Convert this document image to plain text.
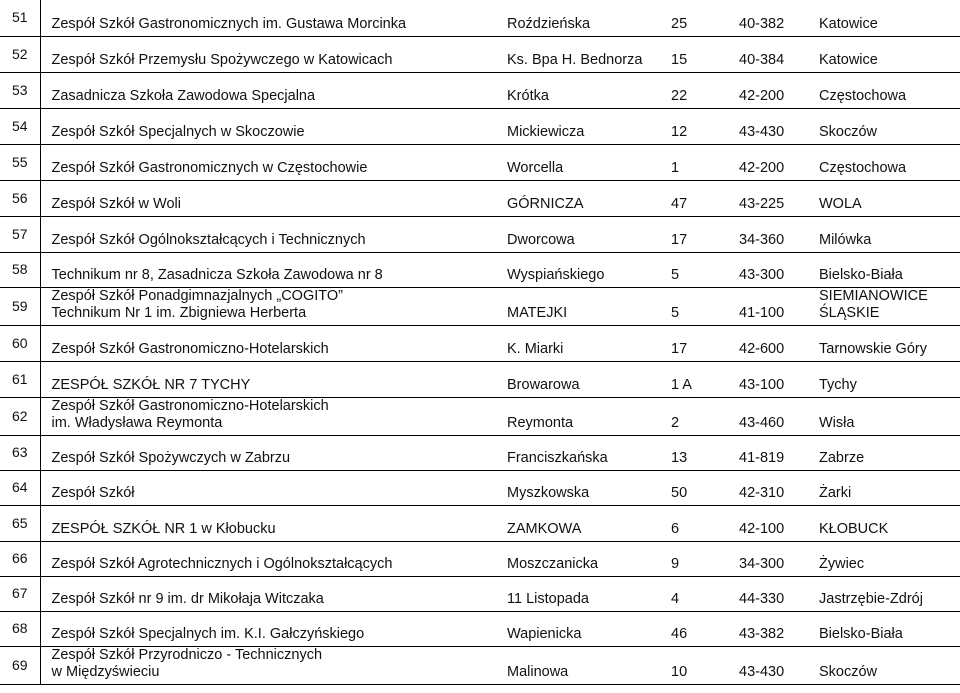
51	Zespół Szkół Gastronomicznych im. Gustawa Morcinka	Roździeńska	25	40-382	Katowice

52	Zespół Szkół Przemysłu Spożywczego w Katowicach	Ks. Bpa H. Bednorza	15	40-384	Katowice

53	Zasadnicza Szkoła Zawodowa Specjalna	Krótka	22	42-200	Częstochowa

54	Zespół Szkół Specjalnych w Skoczowie	Mickiewicza	12	43-430	Skoczów

55	Zespół Szkół Gastronomicznych w Częstochowie	Worcella	1	42-200	Częstochowa

56	Zespół Szkół w Woli	GÓRNICZA	47	43-225	WOLA

57	Zespół Szkół Ogólnokształcących i Technicznych	Dworcowa	17	34-360	Milówka

58	Technikum nr 8, Zasadnicza Szkoła Zawodowa nr 8	Wyspiańskiego	5	43-300	Bielsko-Biała

59	Zespół Szkół Ponadgimnazjalnych „COGITO”
Technikum Nr 1 im. Zbigniewa Herberta	MATEJKI	5	41-100	SIEMIANOWICE
ŚLĄSKIE

60	Zespół Szkół Gastronomiczno-Hotelarskich	K. Miarki	17	42-600	Tarnowskie Góry

61	ZESPÓŁ SZKÓŁ NR 7 TYCHY	Browarowa	1 A	43-100	Tychy

62	Zespół Szkół Gastronomiczno-Hotelarskich
im. Władysława Reymonta	Reymonta	2	43-460	Wisła

63	Zespół Szkół Spożywczych w Zabrzu	Franciszkańska	13	41-819	Zabrze

64	Zespół Szkół	Myszkowska	50	42-310	Żarki

65	ZESPÓŁ SZKÓŁ NR 1 w Kłobucku	ZAMKOWA	6	42-100	KŁOBUCK

66	Zespół Szkół Agrotechnicznych i Ogólnokształcących	Moszczanicka	9	34-300	Żywiec

67	Zespół Szkół nr 9 im. dr Mikołaja Witczaka	11 Listopada	4	44-330	Jastrzębie-Zdrój

68	Zespół Szkół Specjalnych im. K.I. Gałczyńskiego	Wapienicka	46	43-382	Bielsko-Biała

69	Zespół Szkół Przyrodniczo - Technicznych
w Międzyświeciu	Malinowa	10	43-430	Skoczów
